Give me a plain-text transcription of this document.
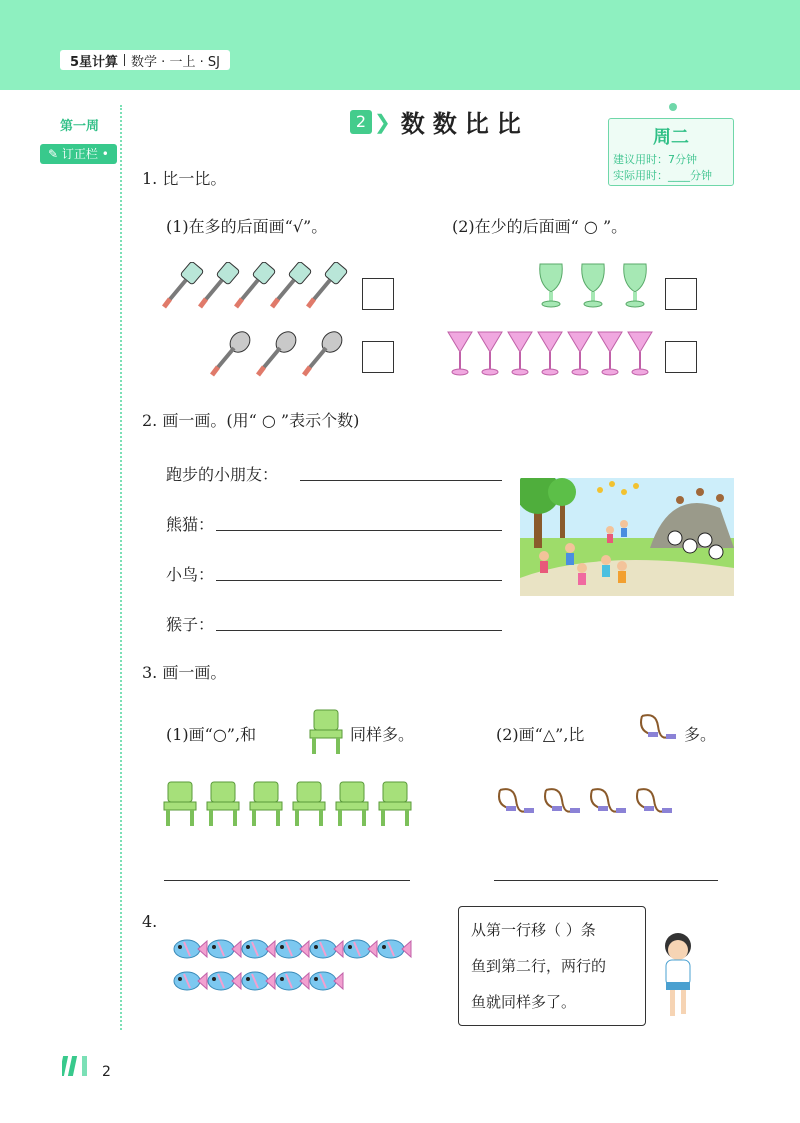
5星计算 数学 · 一上 · SJ
第一周
✎ 订正栏 •
2 ❯ 数数比比	周二
建议用时：7分钟
实际用时：____分钟
1. 比一比。
(1)在多的后面画“√”。	(2)在少的后面画“ ○ ”。
2. 画一画。(用“ ○ ”表示个数)
跑步的小朋友：
熊猫：
小鸟：
猴子：
3. 画一画。
(1)画“○”,和	同样多。	(2)画“△”,比	多。
4.	从第一行移（ ）条
鱼到第二行，两行的
鱼就同样多了。
2
